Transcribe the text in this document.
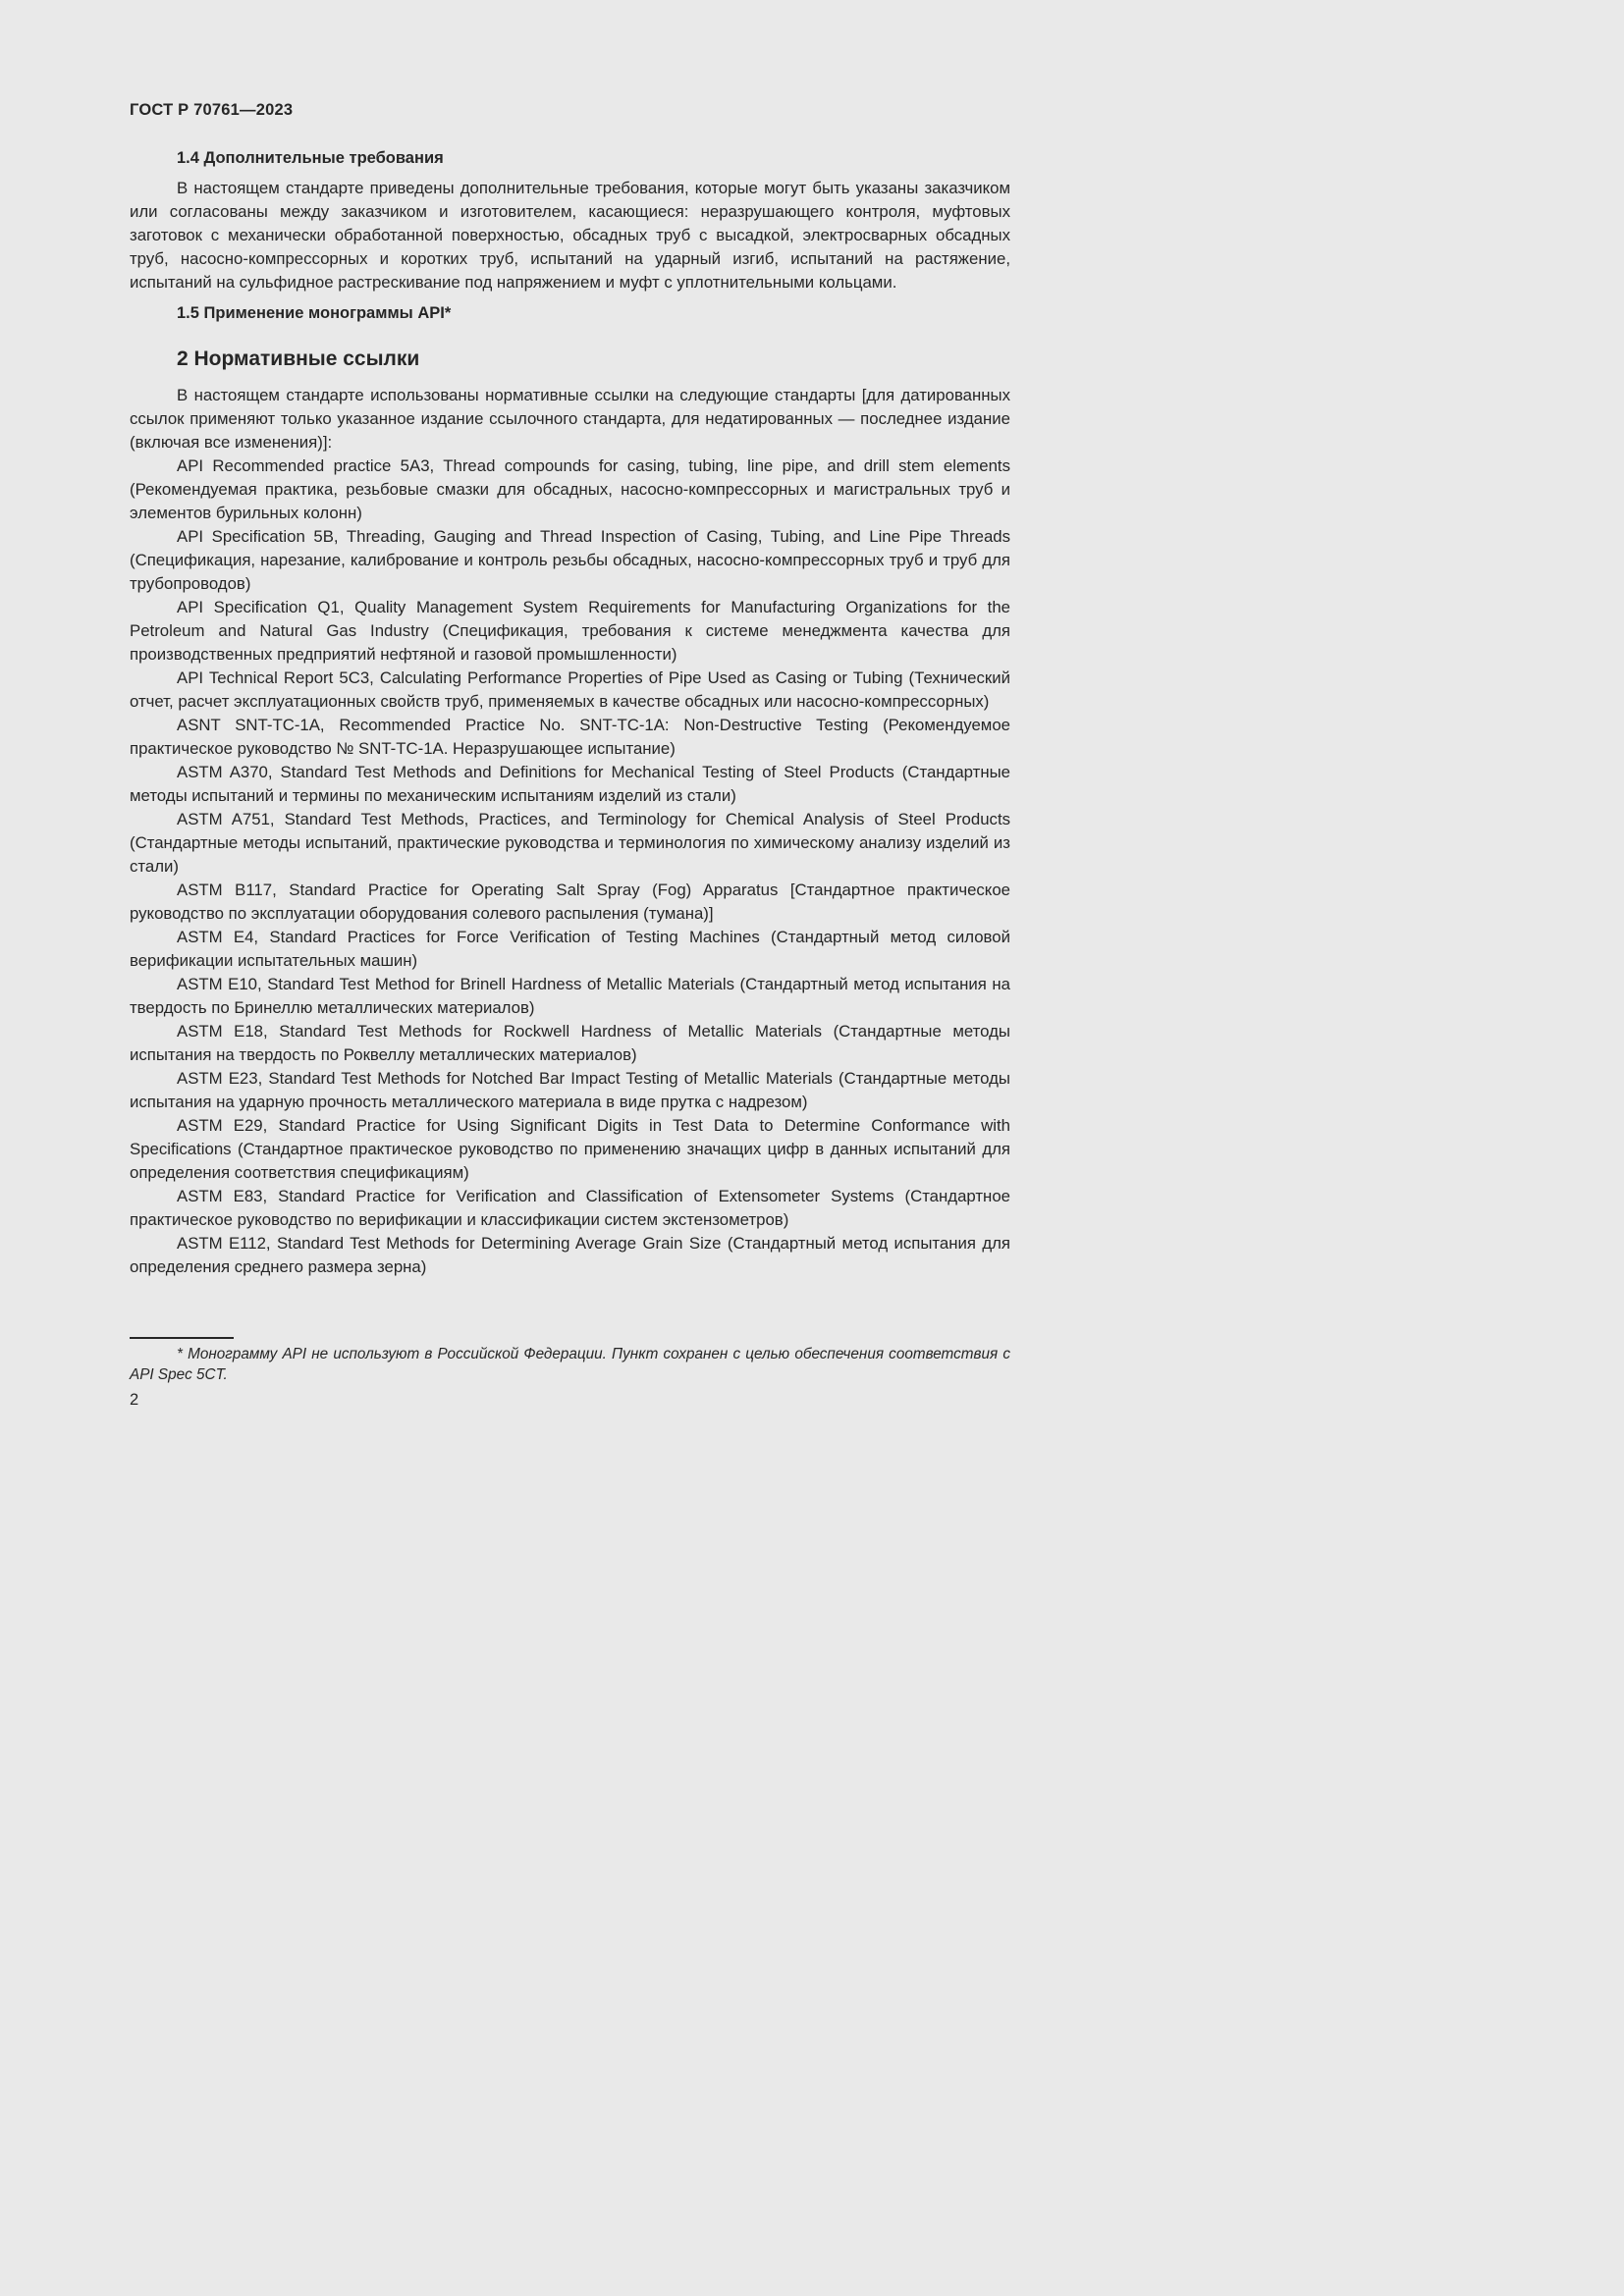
ГОСТ Р 70761—2023
1.4 Дополнительные требования

В настоящем стандарте приведены дополнительные требования, которые могут быть указаны заказчиком или согласованы между заказчиком и изготовителем, касающиеся: неразрушающего контроля, муфтовых заготовок с механически обработанной поверхностью, обсадных труб с высадкой, электросварных обсадных труб, насосно-компрессорных и коротких труб, испытаний на ударный изгиб, испытаний на растяжение, испытаний на сульфидное растрескивание под напряжением и муфт с уплотнительными кольцами.

1.5 Применение монограммы API*
2 Нормативные ссылки

В настоящем стандарте использованы нормативные ссылки на следующие стандарты [для датированных ссылок применяют только указанное издание ссылочного стандарта, для недатированных — последнее издание (включая все изменения)]:

API Recommended practice 5A3, Thread compounds for casing, tubing, line pipe, and drill stem elements (Рекомендуемая практика, резьбовые смазки для обсадных, насосно-компрессорных и магистральных труб и элементов бурильных колонн)

API Specification 5B, Threading, Gauging and Thread Inspection of Casing, Tubing, and Line Pipe Threads (Спецификация, нарезание, калибрование и контроль резьбы обсадных, насосно-компрессорных труб и труб для трубопроводов)

API Specification Q1, Quality Management System Requirements for Manufacturing Organizations for the Petroleum and Natural Gas Industry (Спецификация, требования к системе менеджмента качества для производственных предприятий нефтяной и газовой промышленности)

API Technical Report 5C3, Calculating Performance Properties of Pipe Used as Casing or Tubing (Технический отчет, расчет эксплуатационных свойств труб, применяемых в качестве обсадных или насосно-компрессорных)

ASNT SNT-TC-1A, Recommended Practice No. SNT-TC-1A: Non-Destructive Testing (Рекомендуемое практическое руководство № SNT-TC-1A. Неразрушающее испытание)

ASTM A370, Standard Test Methods and Definitions for Mechanical Testing of Steel Products (Стандартные методы испытаний и термины по механическим испытаниям изделий из стали)

ASTM A751, Standard Test Methods, Practices, and Terminology for Chemical Analysis of Steel Products (Стандартные методы испытаний, практические руководства и терминология по химическому анализу изделий из стали)

ASTM B117, Standard Practice for Operating Salt Spray (Fog) Apparatus [Стандартное практическое руководство по эксплуатации оборудования солевого распыления (тумана)]

ASTM E4, Standard Practices for Force Verification of Testing Machines (Стандартный метод силовой верификации испытательных машин)

ASTM E10, Standard Test Method for Brinell Hardness of Metallic Materials (Стандартный метод испытания на твердость по Бринеллю металлических материалов)

ASTM E18, Standard Test Methods for Rockwell Hardness of Metallic Materials (Стандартные методы испытания на твердость по Роквеллу металлических материалов)

ASTM E23, Standard Test Methods for Notched Bar Impact Testing of Metallic Materials (Стандартные методы испытания на ударную прочность металлического материала в виде прутка с надрезом)

ASTM E29, Standard Practice for Using Significant Digits in Test Data to Determine Conformance with Specifications (Стандартное практическое руководство по применению значащих цифр в данных испытаний для определения соответствия спецификациям)

ASTM E83, Standard Practice for Verification and Classification of Extensometer Systems (Стандартное практическое руководство по верификации и классификации систем экстензометров)

ASTM E112, Standard Test Methods for Determining Average Grain Size (Стандартный метод испытания для определения среднего размера зерна)

* Монограмму API не используют в Российской Федерации. Пункт сохранен с целью обеспечения соответствия с API Spec 5CT.

2
